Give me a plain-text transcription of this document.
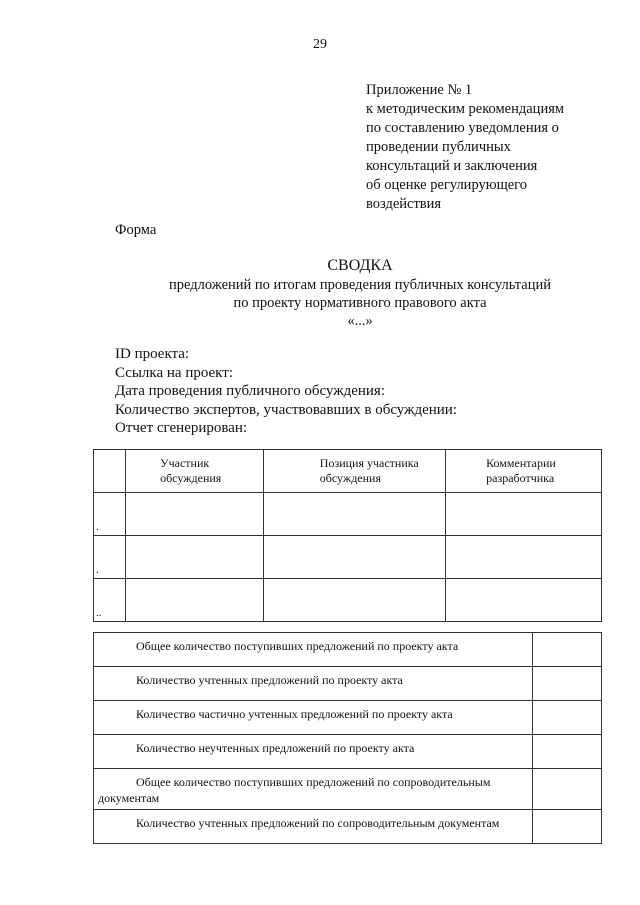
29
Приложение № 1
к методическим рекомендациям
по составлению уведомления о
проведении публичных
консультаций и заключения
об оценке регулирующего
воздействия
Форма
СВОДКА
предложений по итогам проведения публичных консультаций
по проекту нормативного правового акта
«...»
ID проекта:
Ссылка на проект:
Дата проведения публичного обсуждения:
Количество экспертов, участвовавших в обсуждении:
Отчет сгенерирован:

	Участник обсуждения	Позиция участника обсуждения	Комментарии разработчика

.			
.			
..			
Общее количество поступивших предложений по проекту акта	

Количество учтенных предложений по проекту акта	

Количество частично учтенных предложений по проекту акта	

Количество неучтенных предложений по проекту акта	

Общее количество поступивших предложений по сопроводительным документам	

Количество учтенных предложений по сопроводительным документам	
